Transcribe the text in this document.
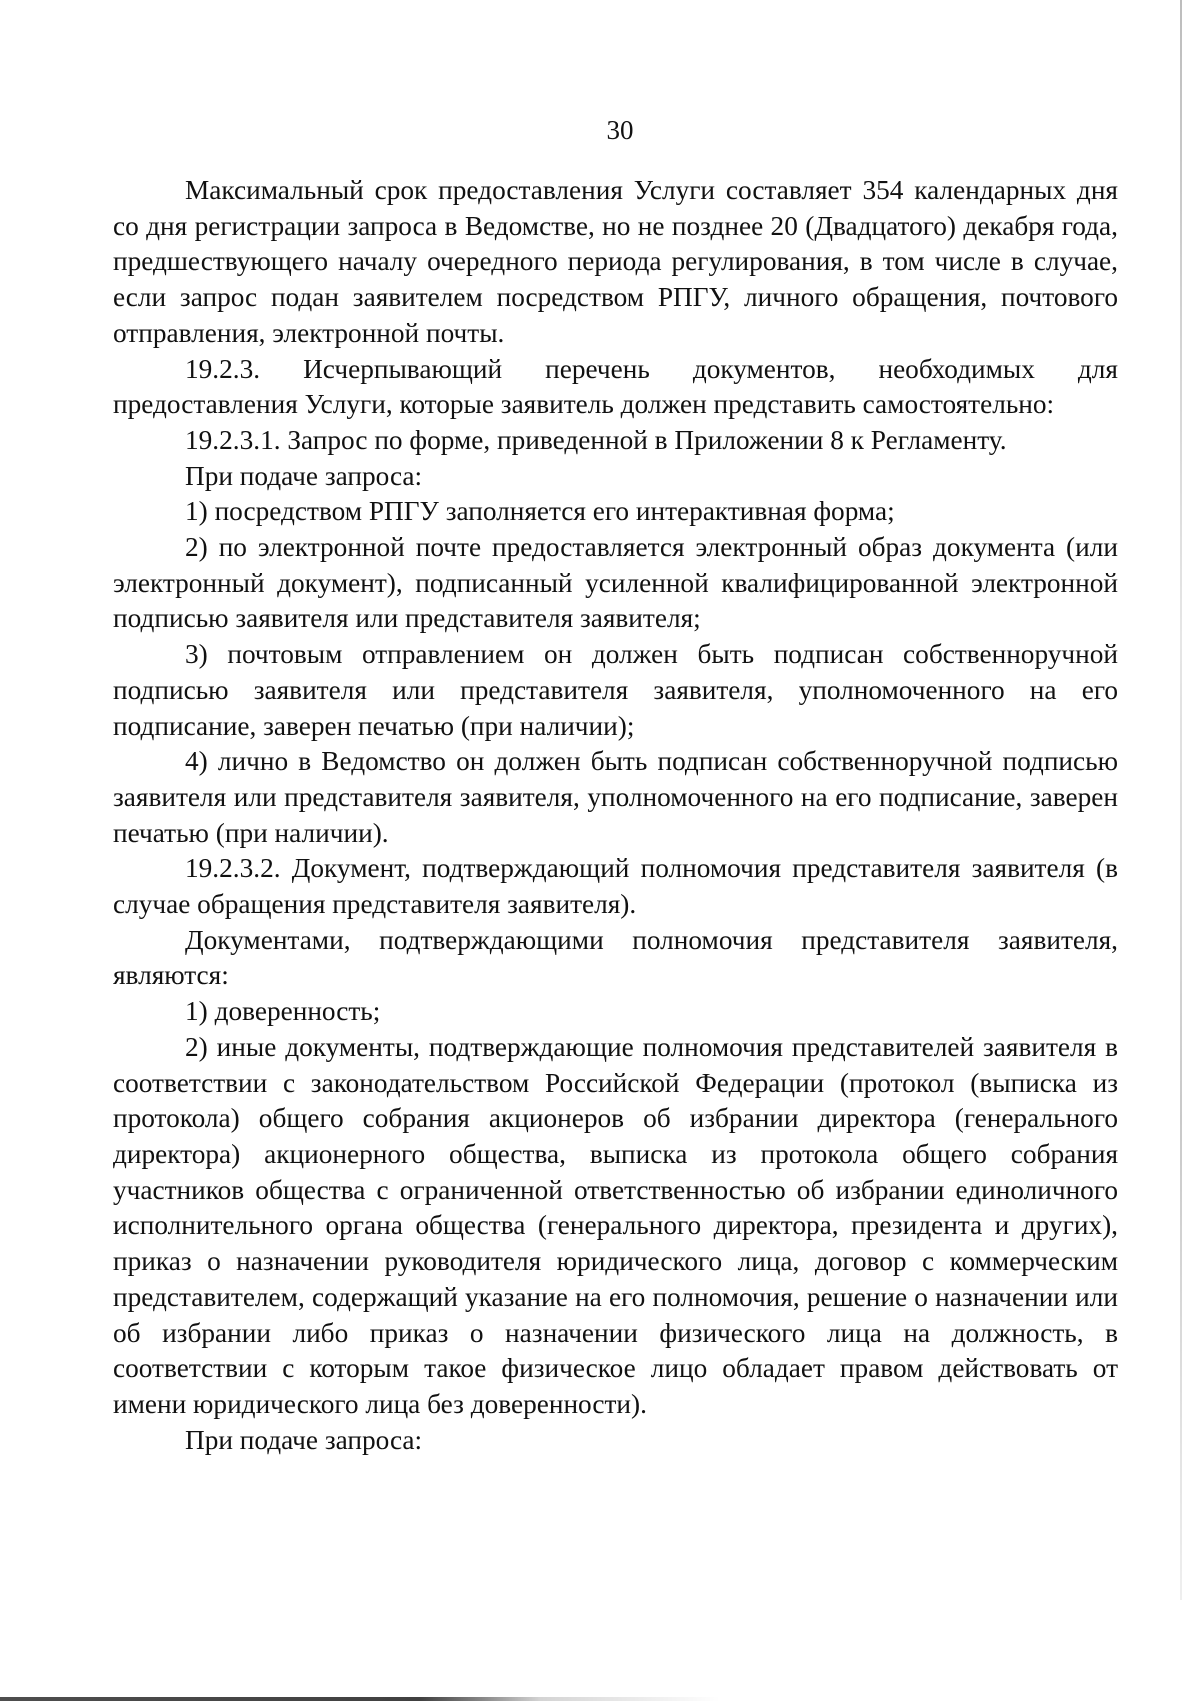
30

Максимальный срок предоставления Услуги составляет 354 календарных дня со дня регистрации запроса в Ведомстве, но не позднее 20 (Двадцатого) декабря года, предшествующего началу очередного периода регулирования, в том числе в случае, если запрос подан заявителем посредством РПГУ, личного обращения, почтового отправления, электронной почты.

19.2.3. Исчерпывающий перечень документов, необходимых для предоставления Услуги, которые заявитель должен представить самостоятельно:

19.2.3.1. Запрос по форме, приведенной в Приложении 8 к Регламенту.

При подаче запроса:

1) посредством РПГУ заполняется его интерактивная форма;

2) по электронной почте предоставляется электронный образ документа (или электронный документ), подписанный усиленной квалифицированной электронной подписью заявителя или представителя заявителя;

3) почтовым отправлением он должен быть подписан собственноручной подписью заявителя или представителя заявителя, уполномоченного на его подписание, заверен печатью (при наличии);

4) лично в Ведомство он должен быть подписан собственноручной подписью заявителя или представителя заявителя, уполномоченного на его подписание, заверен печатью (при наличии).

19.2.3.2. Документ, подтверждающий полномочия представителя заявителя (в случае обращения представителя заявителя).

Документами, подтверждающими полномочия представителя заявителя, являются:

1) доверенность;

2) иные документы, подтверждающие полномочия представителей заявителя в соответствии с законодательством Российской Федерации (протокол (выписка из протокола) общего собрания акционеров об избрании директора (генерального директора) акционерного общества, выписка из протокола общего собрания участников общества с ограниченной ответственностью об избрании единоличного исполнительного органа общества (генерального директора, президента и других), приказ о назначении руководителя юридического лица, договор с коммерческим представителем, содержащий указание на его полномочия, решение о назначении или об избрании либо приказ о назначении физического лица на должность, в соответствии с которым такое физическое лицо обладает правом действовать от имени юридического лица без доверенности).

При подаче запроса:
